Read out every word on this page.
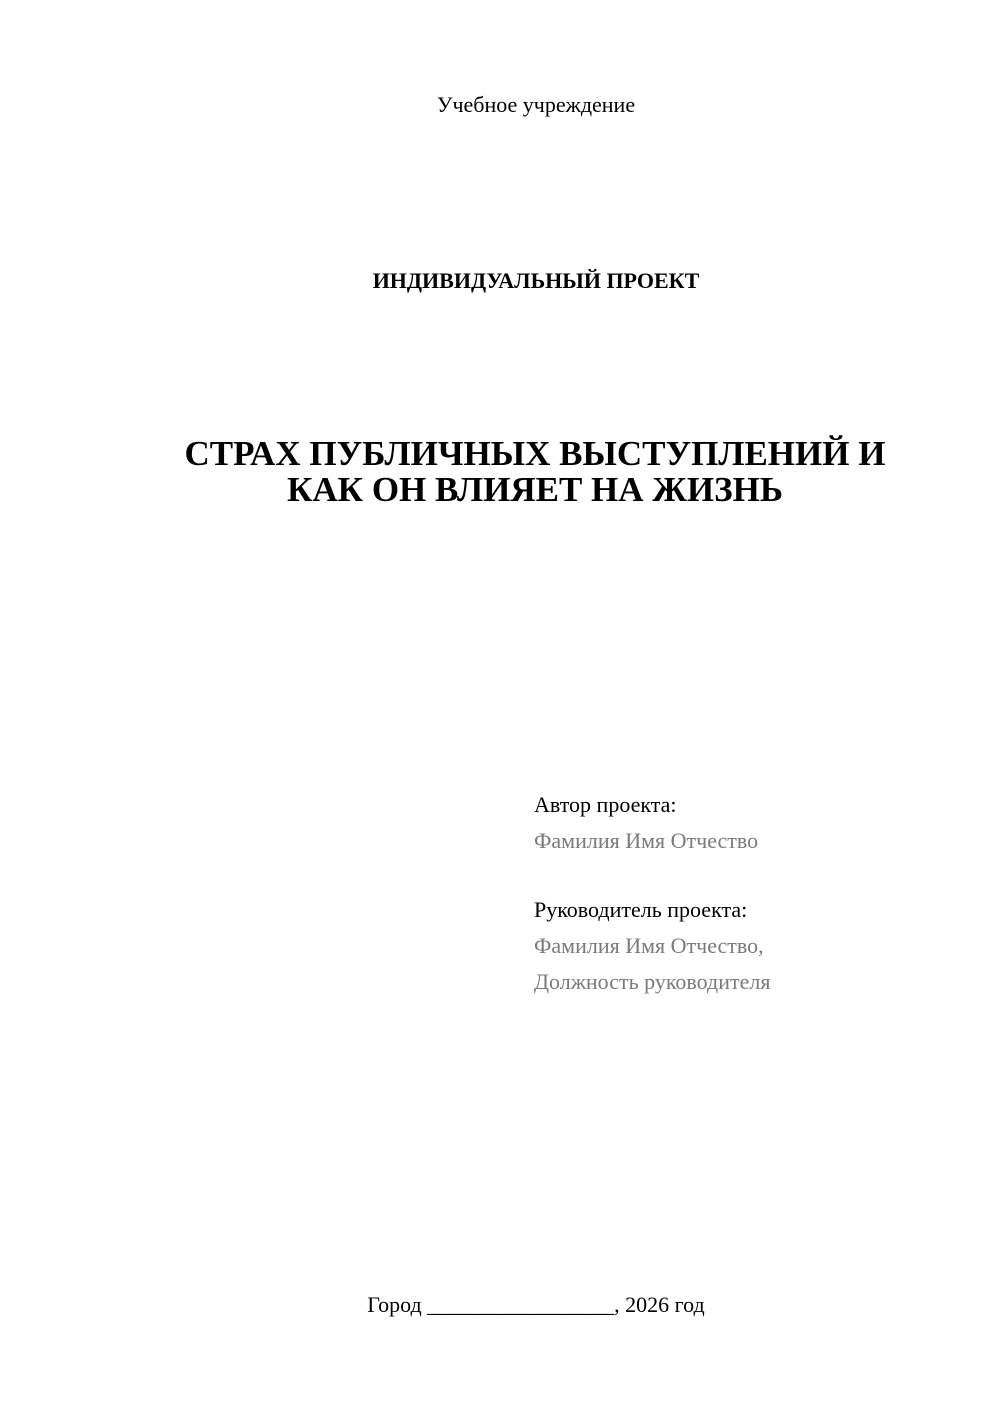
Учебное учреждение
ИНДИВИДУАЛЬНЫЙ ПРОЕКТ
СТРАХ ПУБЛИЧНЫХ ВЫСТУПЛЕНИЙ И
КАК ОН ВЛИЯЕТ НА ЖИЗНЬ
Автор проекта:
Фамилия Имя Отчество
Руководитель проекта:
Фамилия Имя Отчество,
Должность руководителя
Город _________________, 2026 год
